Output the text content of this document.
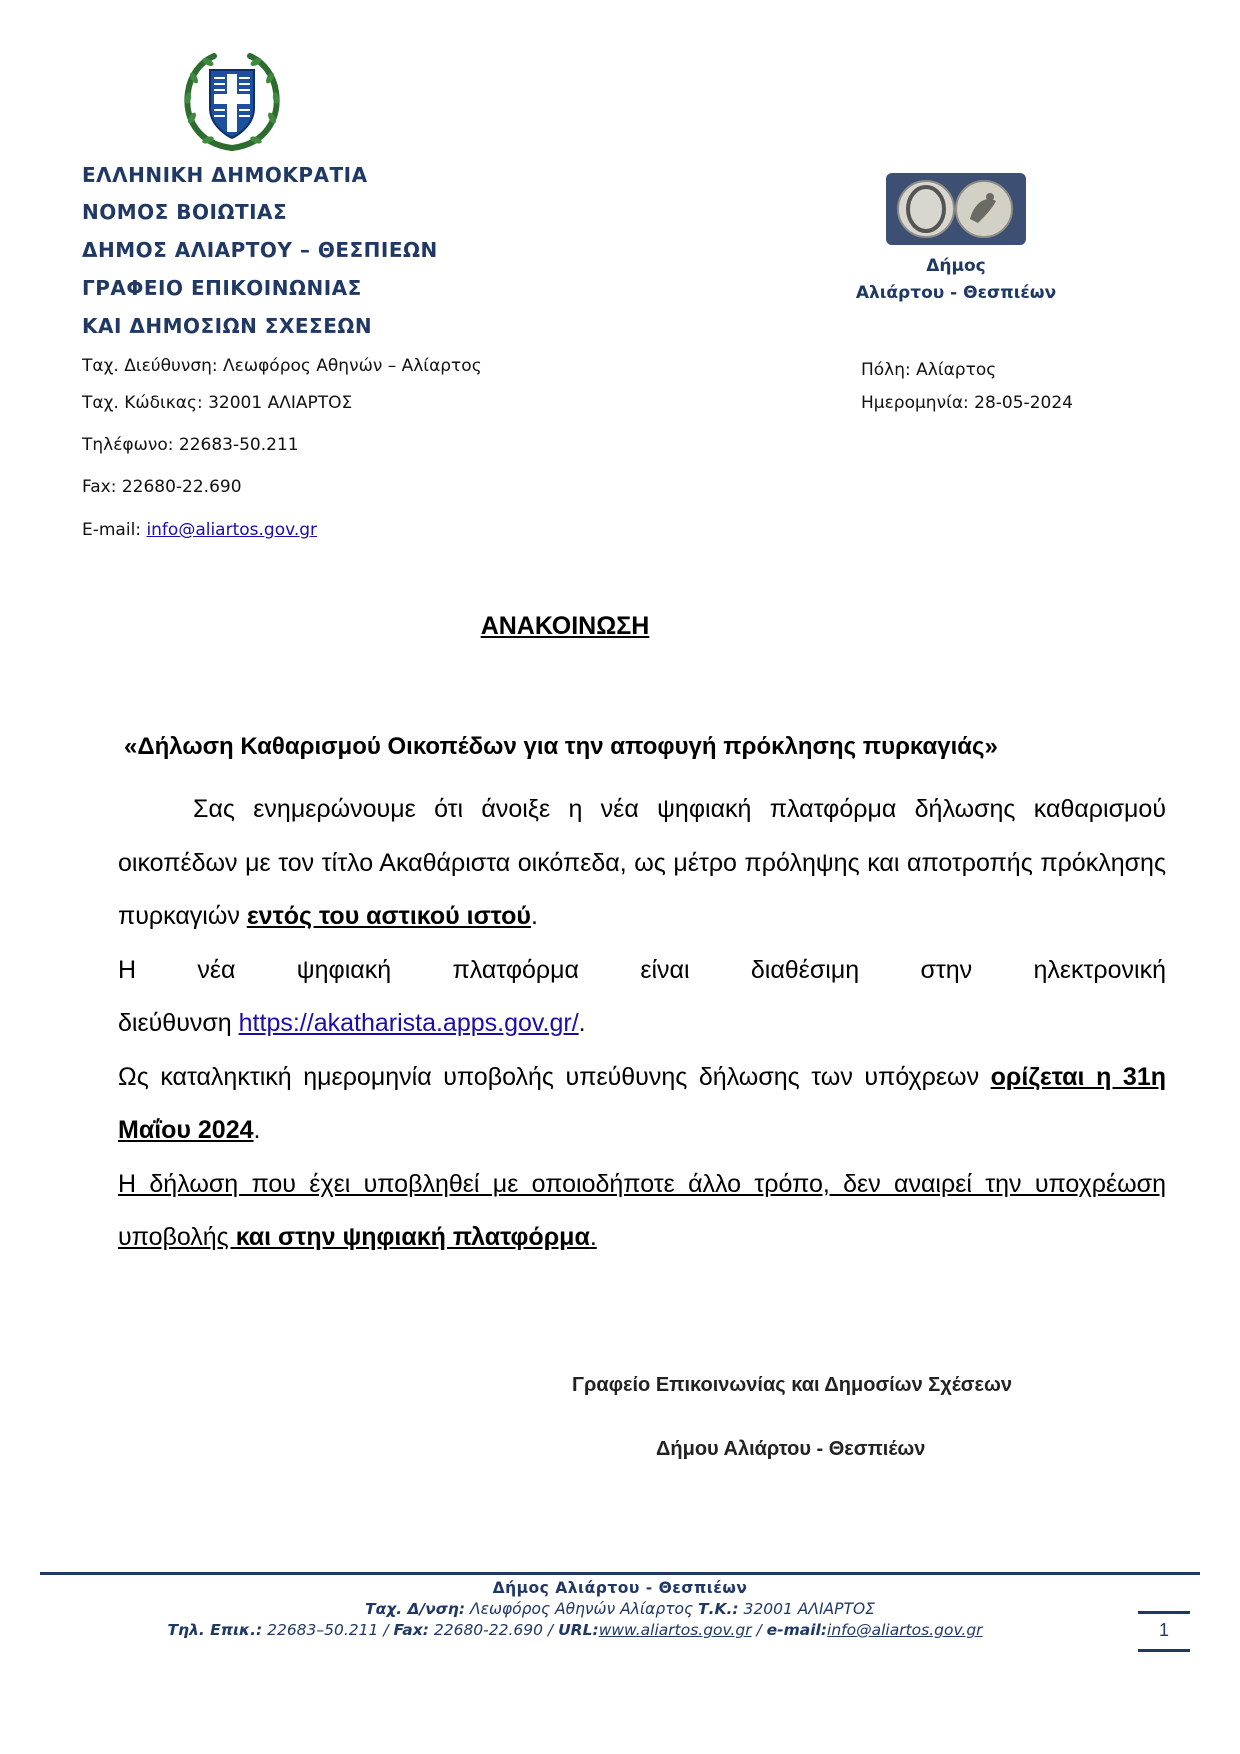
ΕΛΛΗΝΙΚΗ ΔΗΜΟΚΡΑΤΙΑ
ΝΟΜΟΣ ΒΟΙΩΤΙΑΣ
ΔΗΜΟΣ ΑΛΙΑΡΤΟΥ – ΘΕΣΠΙΕΩΝ
ΓΡΑΦΕΙΟ ΕΠΙΚΟΙΝΩΝΙΑΣ
ΚΑΙ ΔΗΜΟΣΙΩΝ ΣΧΕΣΕΩΝ
Ταχ. Διεύθυνση: Λεωφόρος Αθηνών – Αλίαρτος
Ταχ. Κώδικας: 32001 ΑΛΙΑΡΤΟΣ
Τηλέφωνο: 22683-50.211
Fax: 22680-22.690
E-mail: info@aliartos.gov.gr
Δήμος
Αλιάρτου - Θεσπιέων
Πόλη: Αλίαρτος
Ημερομηνία: 28-05-2024
ΑΝΑΚΟΙΝΩΣΗ
«Δήλωση Καθαρισμού Οικοπέδων για την αποφυγή πρόκλησης πυρκαγιάς»

Σας ενημερώνουμε ότι άνοιξε η νέα ψηφιακή πλατφόρμα δήλωσης καθαρισμού οικοπέδων με τον τίτλο Ακαθάριστα οικόπεδα, ως μέτρο πρόληψης και αποτροπής πρόκλησης πυρκαγιών εντός του αστικού ιστού.

Η νέα ψηφιακή πλατφόρμα είναι διαθέσιμη στην ηλεκτρονική

διεύθυνση https://akatharista.apps.gov.gr/.

Ως καταληκτική ημερομηνία υποβολής υπεύθυνης δήλωσης των υπόχρεων ορίζεται η 31η Μαΐου 2024.

Η δήλωση που έχει υποβληθεί με οποιοδήποτε άλλο τρόπο, δεν αναιρεί την υποχρέωση υποβολής και στην ψηφιακή πλατφόρμα.

Γραφείο Επικοινωνίας και Δημοσίων Σχέσεων
Δήμου Αλιάρτου - Θεσπιέων
Δήμος Αλιάρτου - Θεσπιέων
Ταχ. Δ/νση: Λεωφόρος Αθηνών Αλίαρτος Τ.Κ.: 32001 ΑΛΙΑΡΤΟΣ
Τηλ. Επικ.: 22683–50.211 / Fax: 22680-22.690 / URL:www.aliartos.gov.gr / e-mail:info@aliartos.gov.gr	1
